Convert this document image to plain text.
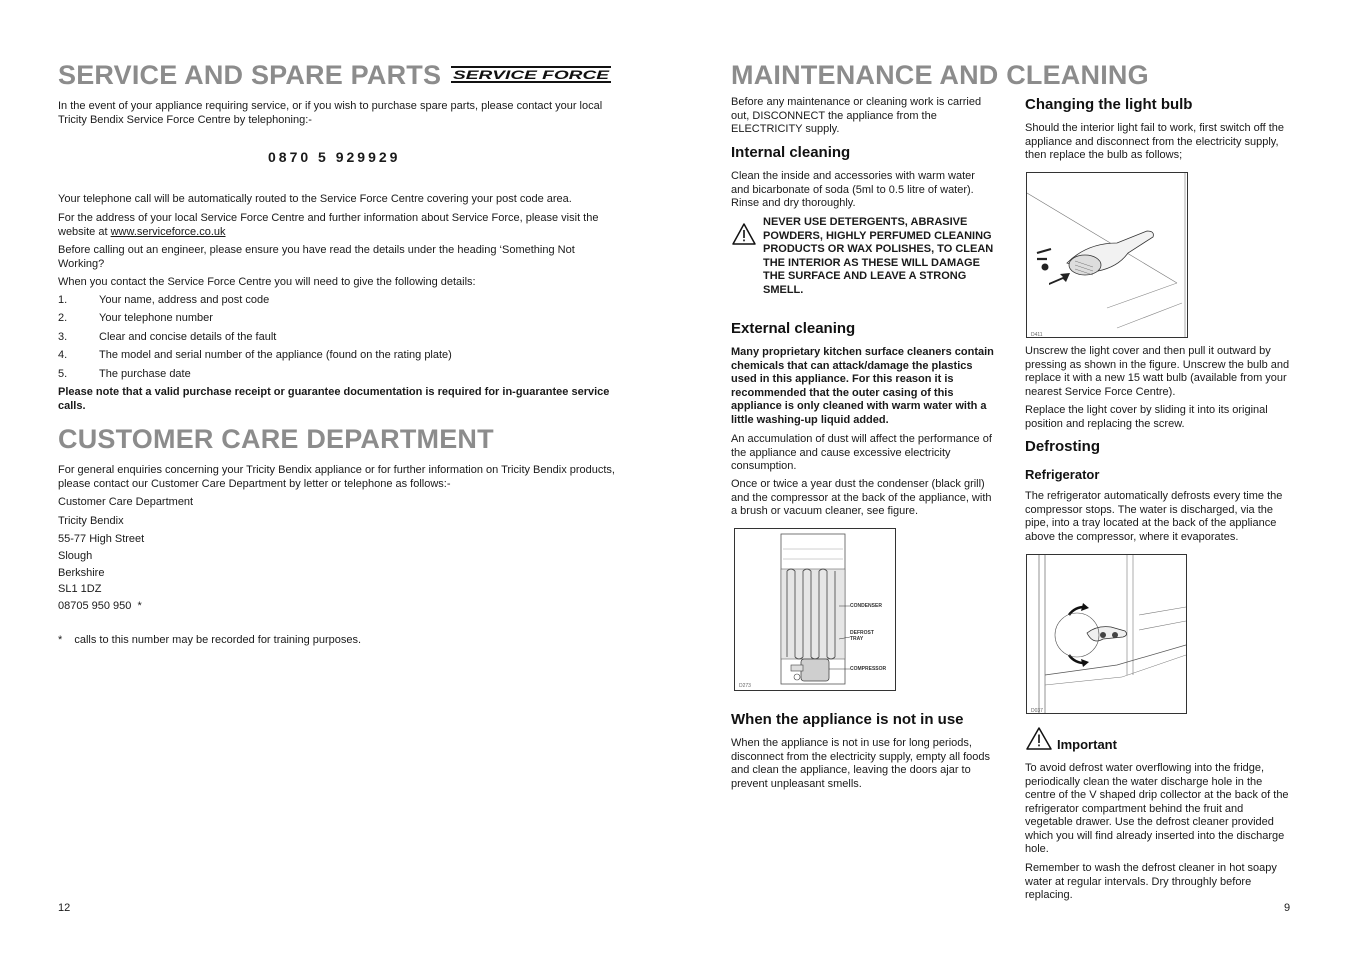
SERVICE AND SPARE PARTS SERVICE FORCE

In the event of your appliance requiring service, or if you wish to purchase spare parts, please contact your local Tricity Bendix Service Force Centre by telephoning:-

0870 5 929929

Your telephone call will be automatically routed to the Service Force Centre covering your post code area.

For the address of your local Service Force Centre and further information about Service Force, please visit the website at www.serviceforce.co.uk

Before calling out an engineer, please ensure you have read the details under the heading ‘Something Not Working?

When you contact the Service Force Centre you will need to give the following details:

1.	Your name, address and post code
2.	Your telephone number
3.	Clear and concise details of the fault
4.	The model and serial number of the appliance (found on the rating plate)
5.	The purchase date

Please note that a valid purchase receipt or guarantee documentation is required for in-guarantee service calls.

CUSTOMER CARE DEPARTMENT

For general enquiries concerning your Tricity Bendix appliance or for further information on Tricity Bendix products, please contact our Customer Care Department by letter or telephone as follows:-

Customer Care Department
Tricity Bendix
55-77 High Street
Slough
Berkshire
SL1 1DZ
08705 950 950  *
* calls to this number may be recorded for training purposes.
12
MAINTENANCE AND CLEANING

Before any maintenance or cleaning work is carried out, DISCONNECT the appliance from the ELECTRICITY supply.

Internal cleaning

Clean the inside and accessories with warm water and bicarbonate of soda (5ml to 0.5 litre of water). Rinse and dry thoroughly.

NEVER USE DETERGENTS, ABRASIVE POWDERS, HIGHLY PERFUMED CLEANING PRODUCTS OR WAX POLISHES, TO CLEAN THE INTERIOR AS THESE WILL DAMAGE THE SURFACE AND LEAVE A STRONG SMELL.

External cleaning

Many proprietary kitchen surface cleaners contain chemicals that can attack/damage the plastics used in this appliance. For this reason it is recommended that the outer casing of this appliance is only cleaned with warm water with a little washing-up liquid added.

An accumulation of dust will affect the performance of the appliance and cause excessive electricity consumption.

Once or twice a year dust the condenser (black grill) and the compressor at the back of the appliance, with a brush or vacuum cleaner, see figure.

CONDENSER
DEFROST TRAY
COMPRESSOR
D273
When the appliance is not in use

When the appliance is not in use for long periods, disconnect from the electricity supply, empty all foods and clean the appliance, leaving the doors ajar to prevent unpleasant smells.

Changing the light bulb

Should the interior light fail to work, first switch off the appliance and disconnect from the electricity supply, then replace the bulb as follows;

D411

Unscrew the light cover and then pull it outward by pressing as shown in the figure. Unscrew the bulb and replace it with a new 15 watt bulb (available from your nearest Service Force Centre).

Replace the light cover by sliding it into its original position and replacing the screw.

Defrosting
Refrigerator

The refrigerator automatically defrosts every time the compressor stops. The water is discharged, via the pipe, into a tray located at the back of the appliance above the compressor, where it evaporates.

D037
Important

To avoid defrost water overflowing into the fridge, periodically clean the water discharge hole in the centre of the V shaped drip collector at the back of the refrigerator compartment behind the fruit and vegetable drawer. Use the defrost cleaner provided which you will find already inserted into the discharge hole.

Remember to wash the defrost cleaner in hot soapy water at regular intervals. Dry throughly before replacing.

9
